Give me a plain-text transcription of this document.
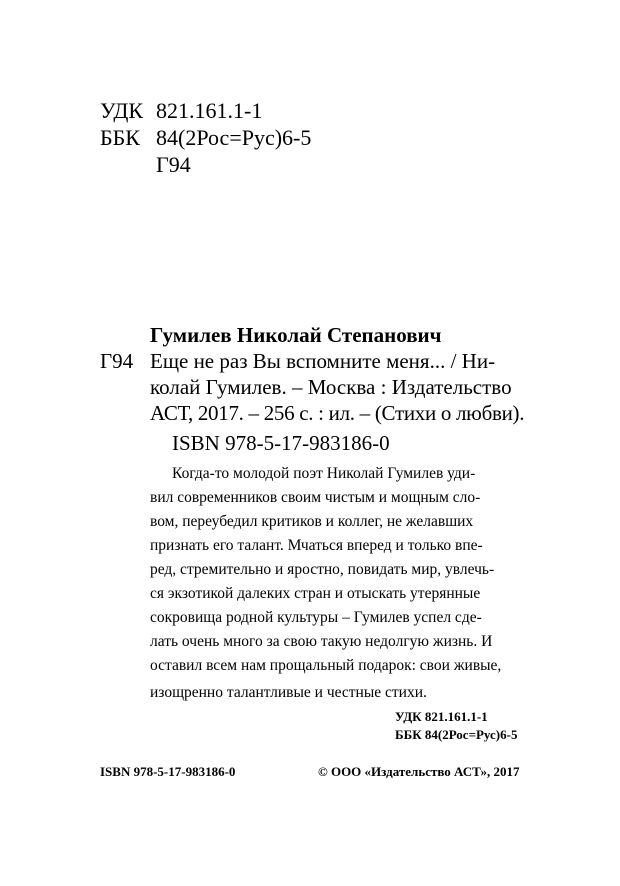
УДК 821.161.1-1
ББК 84(2Рос=Рус)6-5
Г94
Гумилев Николай Степанович
Г94 Еще не раз Вы вспомните меня... / Ни-
колай Гумилев. – Москва : Издательство
АСТ, 2017. – 256 с. : ил. – (Стихи о любви).
ISBN 978-5-17-983186-0
Когда-то молодой поэт Николай Гумилев уди-
вил современников своим чистым и мощным сло-
вом, переубедил критиков и коллег, не желавших
признать его талант. Мчаться вперед и только впе-
ред, стремительно и яростно, повидать мир, увлечь-
ся экзотикой далеких стран и отыскать утерянные
сокровища родной культуры – Гумилев успел сде-
лать очень много за свою такую недолгую жизнь. И
оставил всем нам прощальный подарок: свои живые,
изощренно талантливые и честные стихи.
УДК 821.161.1-1
ББК 84(2Рос=Рус)6-5
ISBN 978-5-17-983186-0	© ООО «Издательство АСТ», 2017
